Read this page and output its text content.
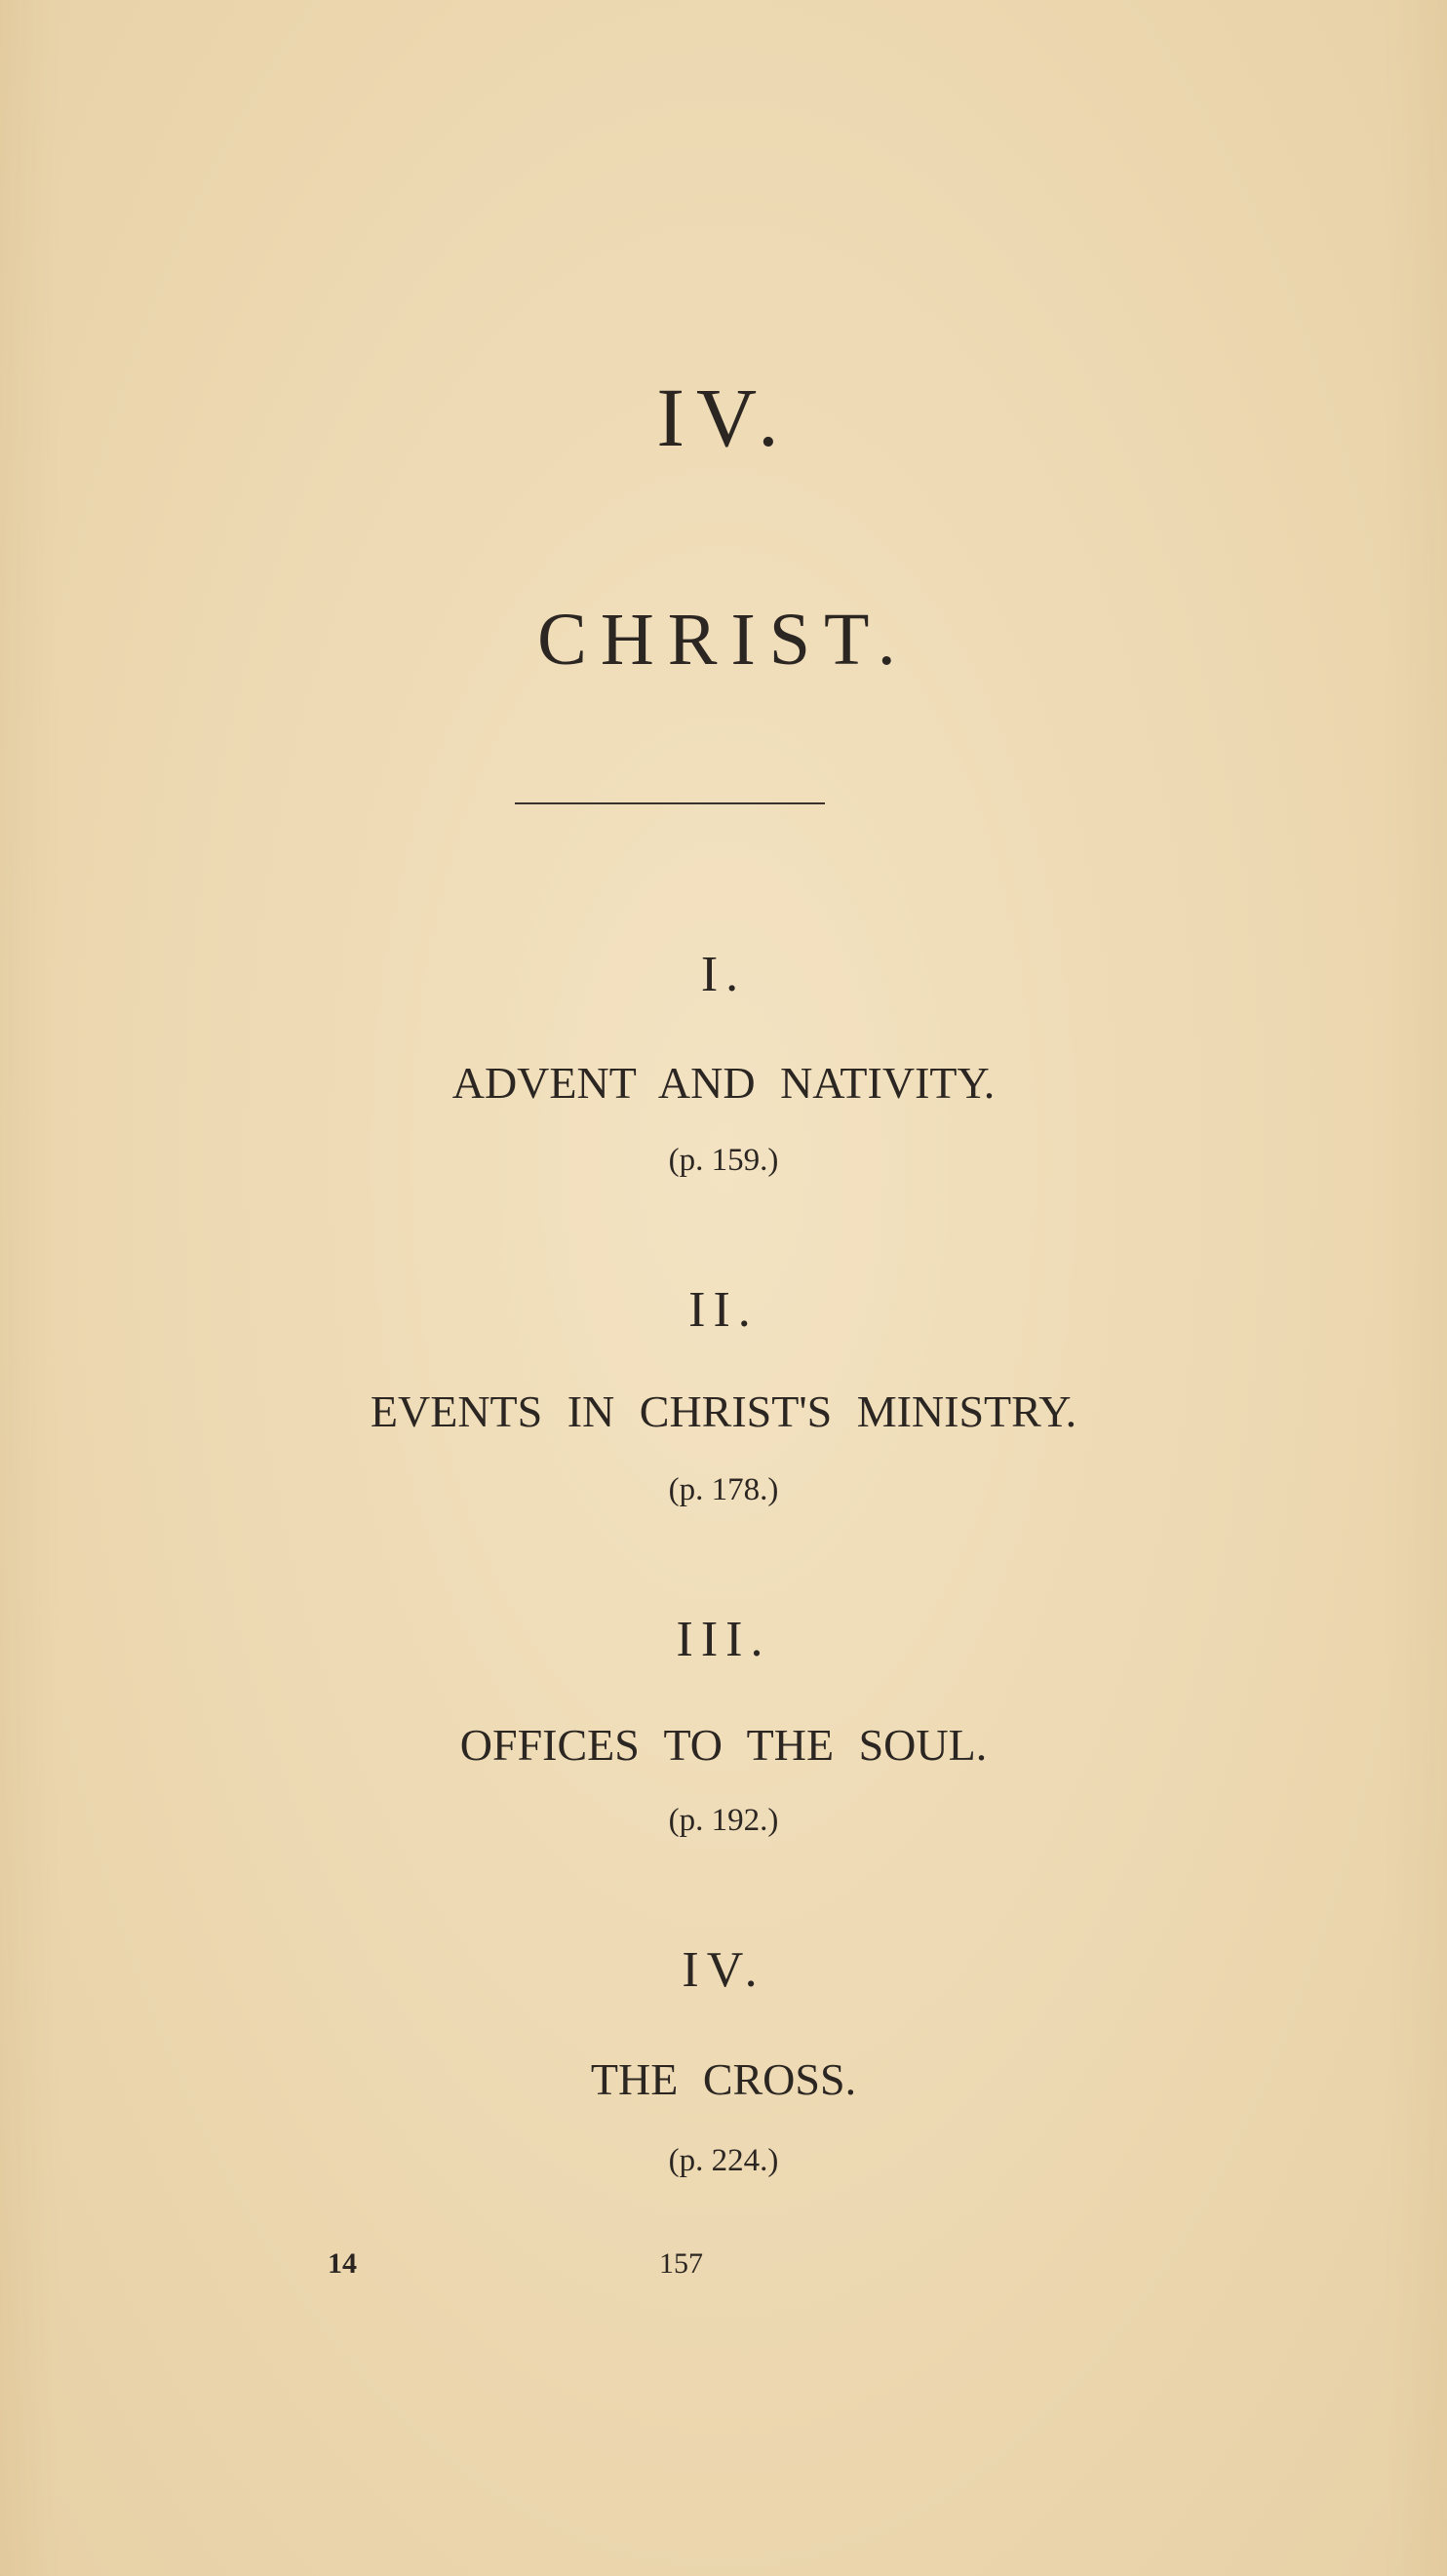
IV.
CHRIST.
I.
ADVENT AND NATIVITY.
(p. 159.)
II.
EVENTS IN CHRIST'S MINISTRY.
(p. 178.)
III.
OFFICES TO THE SOUL.
(p. 192.)
IV.
THE CROSS.
(p. 224.)
14	157
